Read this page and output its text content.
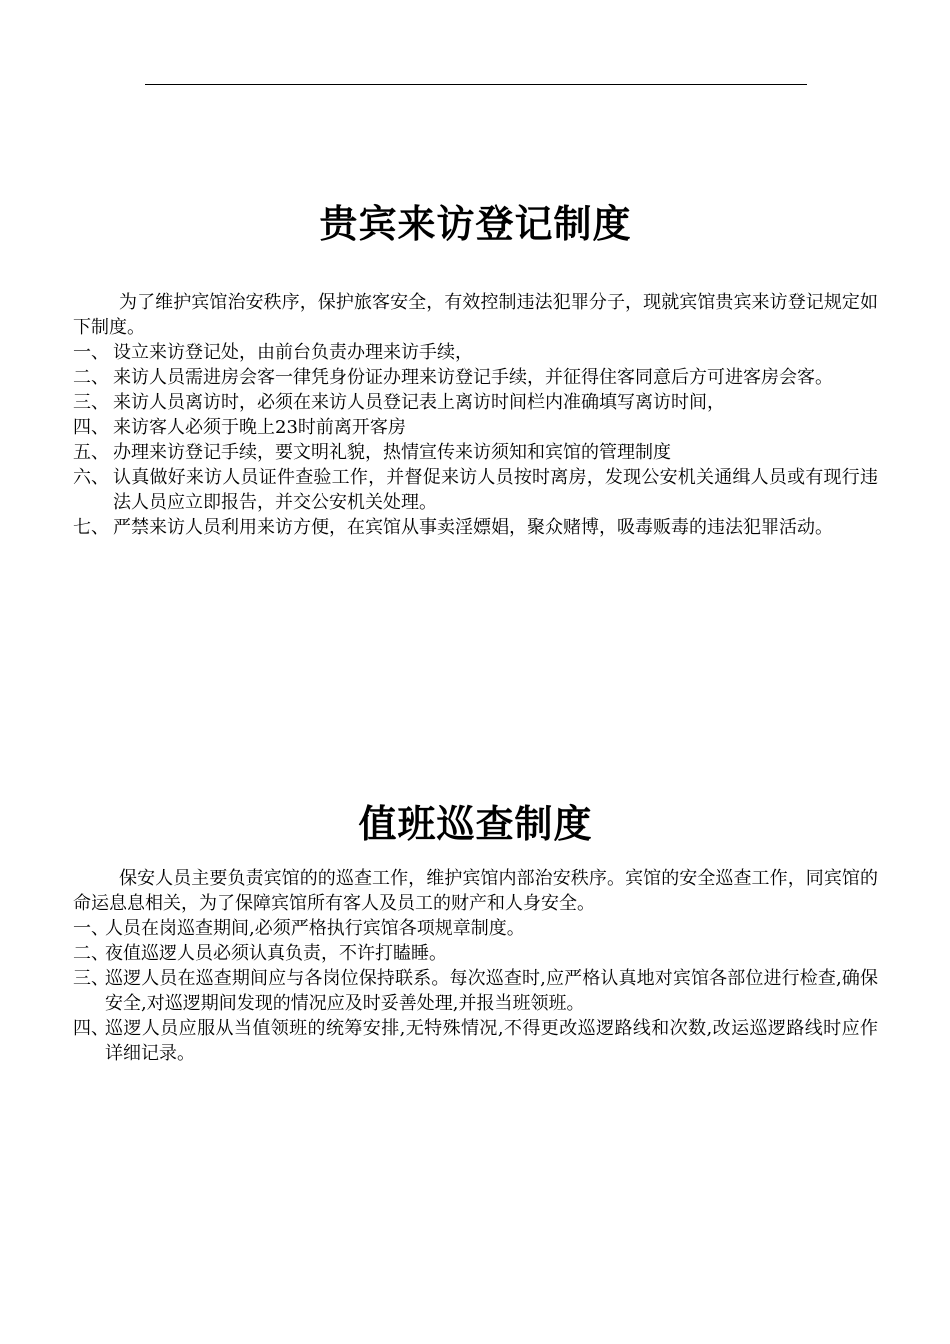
贵宾来访登记制度

为了维护宾馆治安秩序，保护旅客安全，有效控制违法犯罪分子，现就宾馆贵宾来访登记规定如下制度。

一、 设立来访登记处，由前台负责办理来访手续，
二、 来访人员需进房会客一律凭身份证办理来访登记手续，并征得住客同意后方可进客房会客。
三、 来访人员离访时，必须在来访人员登记表上离访时间栏内准确填写离访时间，
四、 来访客人必须于晚上23时前离开客房
五、 办理来访登记手续，要文明礼貌，热情宣传来访须知和宾馆的管理制度
六、 认真做好来访人员证件查验工作，并督促来访人员按时离房，发现公安机关通缉人员或有现行违法人员应立即报告，并交公安机关处理。
七、 严禁来访人员利用来访方便，在宾馆从事卖淫嫖娼，聚众赌博，吸毒贩毒的违法犯罪活动。
值班巡查制度

保安人员主要负责宾馆的的巡查工作，维护宾馆内部治安秩序。宾馆的安全巡查工作，同宾馆的命运息息相关，为了保障宾馆所有客人及员工的财产和人身安全。

一、
人员在岗巡查期间,必须严格执行宾馆各项规章制度。
二、
夜值巡逻人员必须认真负责，不许打瞌睡。
三、
巡逻人员在巡查期间应与各岗位保持联系。每次巡查时,应严格认真地对宾馆各部位进行检查,确保安全,对巡逻期间发现的情况应及时妥善处理,并报当班领班。
四、
巡逻人员应服从当值领班的统筹安排,无特殊情况,不得更改巡逻路线和次数,改运巡逻路线时应作详细记录。
